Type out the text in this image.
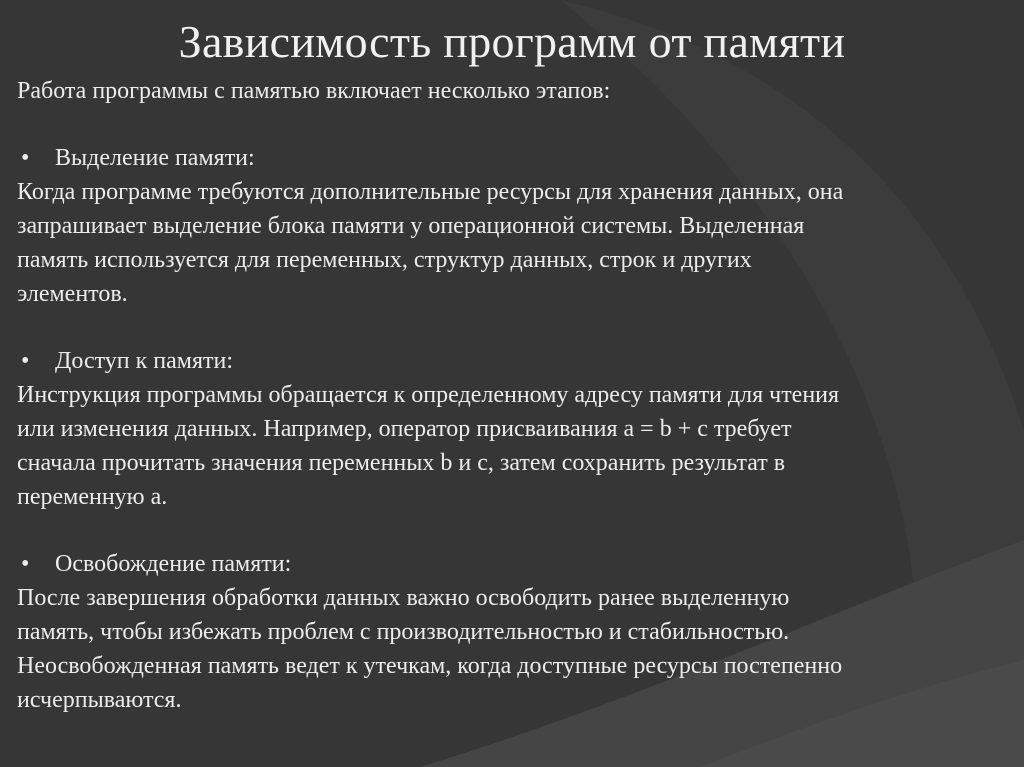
Зависимость программ от памяти

Работа программы с памятью включает несколько этапов:

•	Выделение памяти:

Когда программе требуются дополнительные ресурсы для хранения данных, она

запрашивает выделение блока памяти у операционной системы. Выделенная

память используется для переменных, структур данных, строк и других

элементов.

•	Доступ к памяти:

Инструкция программы обращается к определенному адресу памяти для чтения

или изменения данных. Например, оператор присваивания a = b + c требует

сначала прочитать значения переменных b и c, затем сохранить результат в

переменную a.

•	Освобождение памяти:

После завершения обработки данных важно освободить ранее выделенную

память, чтобы избежать проблем с производительностью и стабильностью.

Неосвобожденная память ведет к утечкам, когда доступные ресурсы постепенно

исчерпываются.
